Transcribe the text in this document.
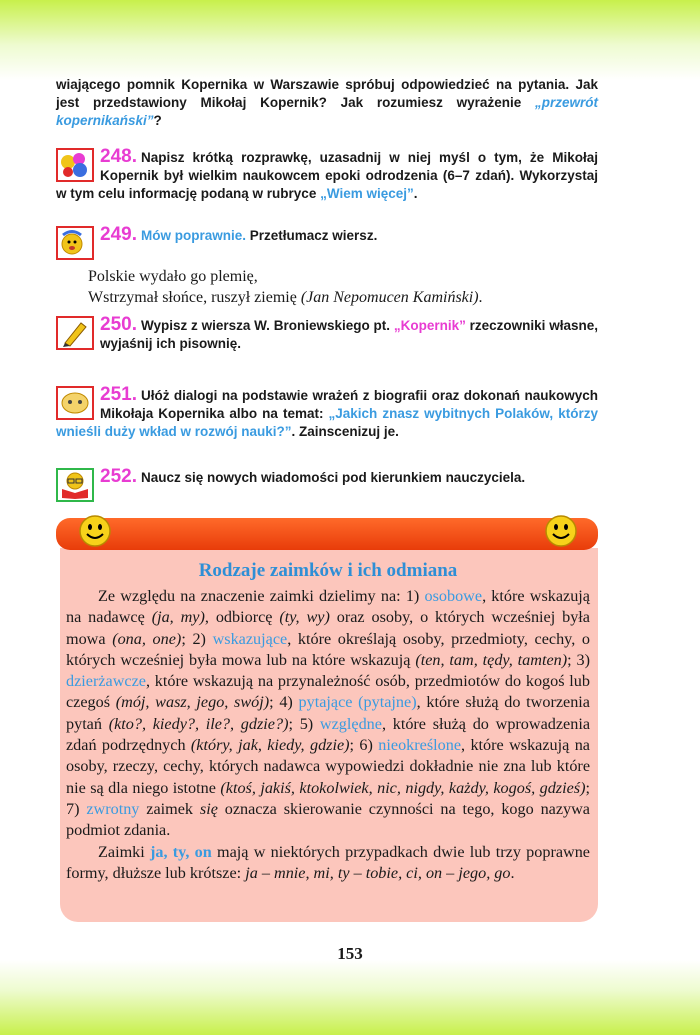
wiającego pomnik Kopernika w Warszawie spróbuj odpowiedzieć na pytania. Jak jest przedstawiony Mikołaj Kopernik? Jak rozumiesz wyrażenie „przewrót kopernikański”?
248. Napisz krótką rozprawkę, uzasadnij w niej myśl o tym, że Mikołaj Kopernik był wielkim naukowcem epoki odrodzenia (6–7 zdań). Wykorzystaj w tym celu informację podaną w rubryce „Wiem więcej”.
249. Mów poprawnie. Przetłumacz wiersz.
Polskie wydało go plemię,
Wstrzymał słońce, ruszył ziemię (Jan Nepomucen Kamiński).
250. Wypisz z wiersza W. Broniewskiego pt. „Kopernik” rzeczowniki własne, wyjaśnij ich pisownię.
251. Ułóż dialogi na podstawie wrażeń z biografii oraz dokonań naukowych Mikołaja Kopernika albo na temat: „Jakich znasz wybitnych Polaków, którzy wnieśli duży wkład w rozwój nauki?”. Zainscenizuj je.
252. Naucz się nowych wiadomości pod kierunkiem nauczyciela.
Rodzaje zaimków i ich odmiana

Ze względu na znaczenie zaimki dzielimy na: 1) osobowe, które wskazują na nadawcę (ja, my), odbiorcę (ty, wy) oraz osoby, o których wcześniej była mowa (ona, one); 2) wskazujące, które określają osoby, przedmioty, cechy, o których wcześniej była mowa lub na które wskazują (ten, tam, tędy, tamten); 3) dzierżawcze, które wskazują na przynależność osób, przedmiotów do kogoś lub czegoś (mój, wasz, jego, swój); 4) pytające (pytajne), które służą do tworzenia pytań (kto?, kiedy?, ile?, gdzie?); 5) względne, które służą do wprowadzenia zdań podrzędnych (który, jak, kiedy, gdzie); 6) nieokreślone, które wskazują na osoby, rzeczy, cechy, których nadawca wypowiedzi dokładnie nie zna lub które nie są dla niego istotne (ktoś, jakiś, ktokolwiek, nic, nigdy, każdy, kogoś, gdzieś); 7) zwrotny zaimek się oznacza skierowanie czynności na tego, kogo nazywa podmiot zdania.

Zaimki ja, ty, on mają w niektórych przypadkach dwie lub trzy poprawne formy, dłuższe lub krótsze: ja – mnie, mi, ty – tobie, ci, on – jego, go.

153
